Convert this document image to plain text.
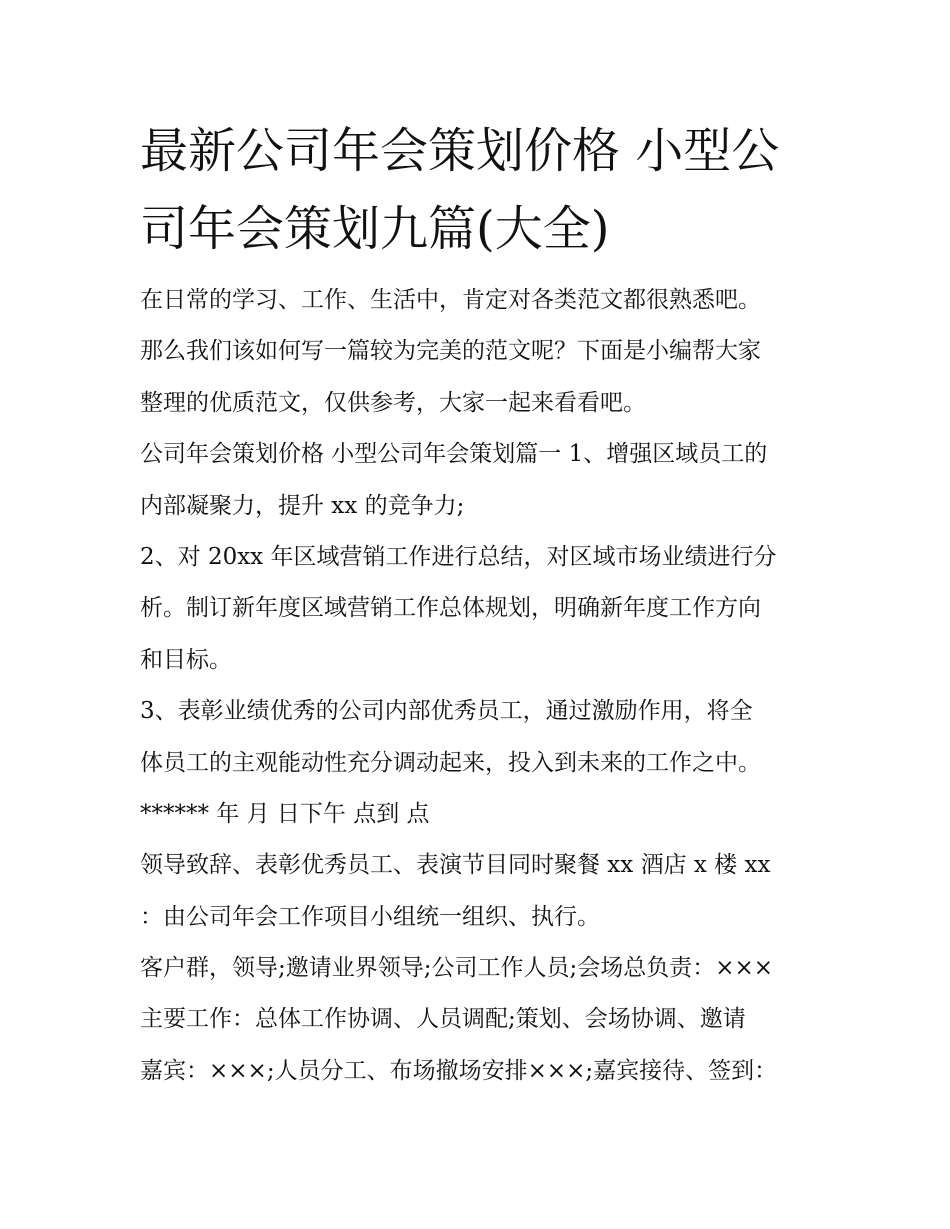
最新公司年会策划价格 小型公
司年会策划九篇(大全)
在日常的学习、工作、生活中，肯定对各类范文都很熟悉吧。
那么我们该如何写一篇较为完美的范文呢？下面是小编帮大家
整理的优质范文，仅供参考，大家一起来看看吧。
公司年会策划价格 小型公司年会策划篇一 1、增强区域员工的
内部凝聚力，提升 xx 的竞争力;
2、对 20xx 年区域营销工作进行总结，对区域市场业绩进行分
析。制订新年度区域营销工作总体规划，明确新年度工作方向
和目标。
3、表彰业绩优秀的公司内部优秀员工，通过激励作用，将全
体员工的主观能动性充分调动起来，投入到未来的工作之中。
****** 年 月 日下午 点到 点
领导致辞、表彰优秀员工、表演节目同时聚餐 xx 酒店 x 楼 xx
：由公司年会工作项目小组统一组织、执行。
客户群，领导;邀请业界领导;公司工作人员;会场总负责：×××
主要工作：总体工作协调、人员调配;策划、会场协调、邀请
嘉宾：×××;人员分工、布场撤场安排×××;嘉宾接待、签到：
